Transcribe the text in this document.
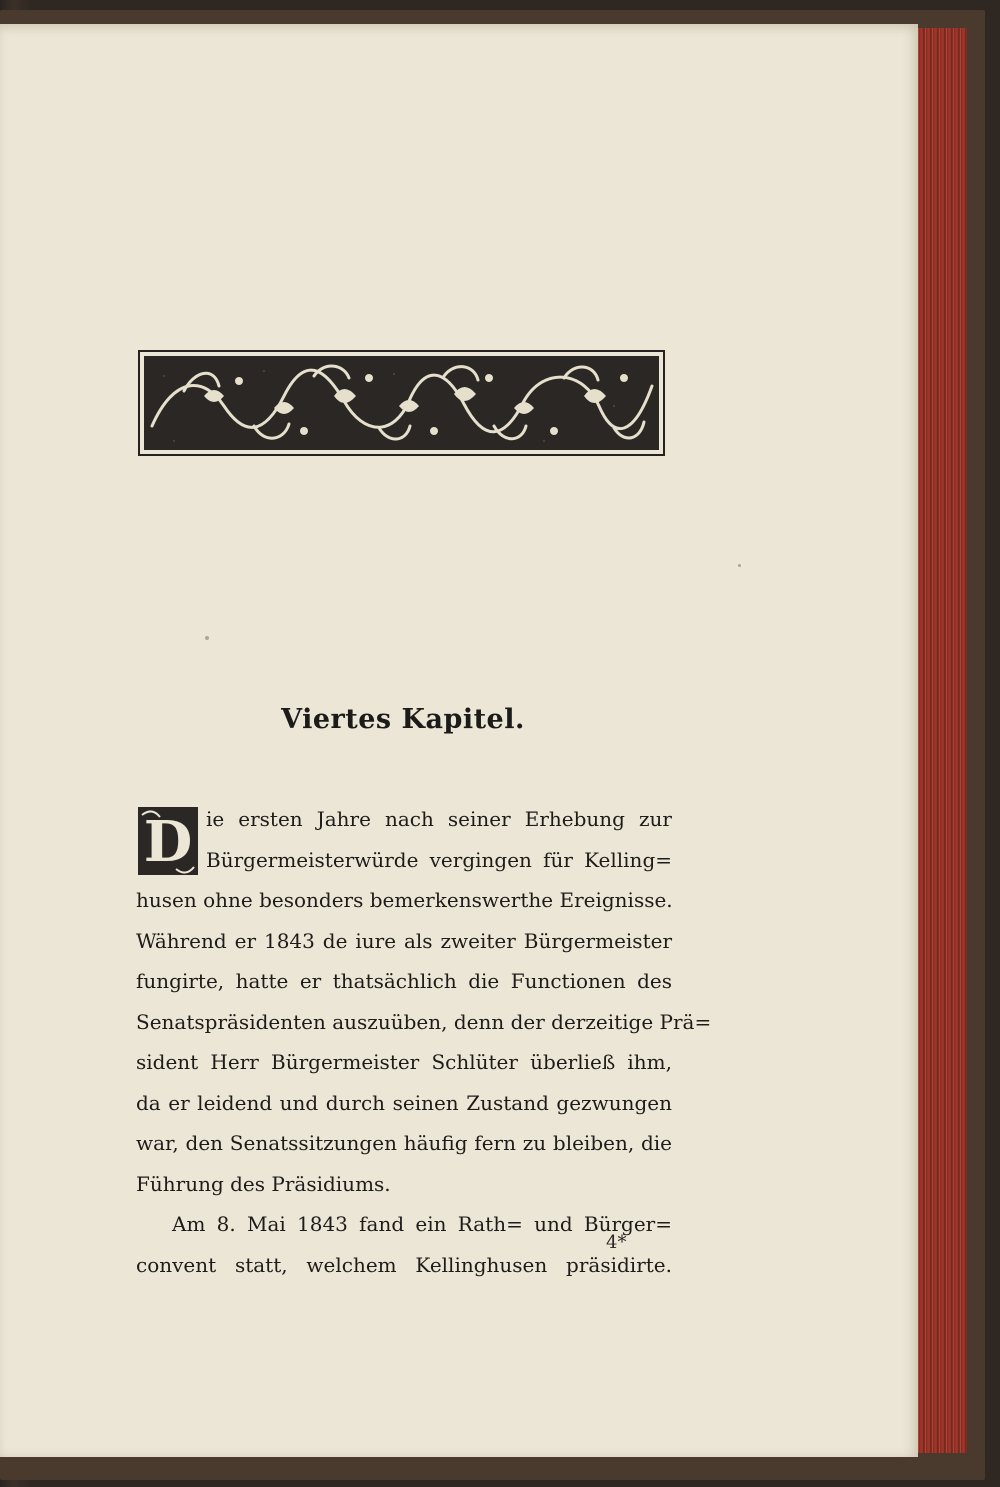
Viertes Kapitel.
D ie ersten Jahre nach seiner Erhebung zur
Bürgermeisterwürde vergingen für Kelling=
husen ohne besonders bemerkenswerthe Ereignisse.
Während er 1843 de iure als zweiter Bürgermeister
fungirte, hatte er thatsächlich die Functionen des
Senatspräsidenten auszuüben, denn der derzeitige Prä=
sident Herr Bürgermeister Schlüter überließ ihm,
da er leidend und durch seinen Zustand gezwungen
war, den Senatssitzungen häufig fern zu bleiben, die
Führung des Präsidiums.
Am 8. Mai 1843 fand ein Rath= und Bürger=
convent statt, welchem Kellinghusen präsidirte.
4*
